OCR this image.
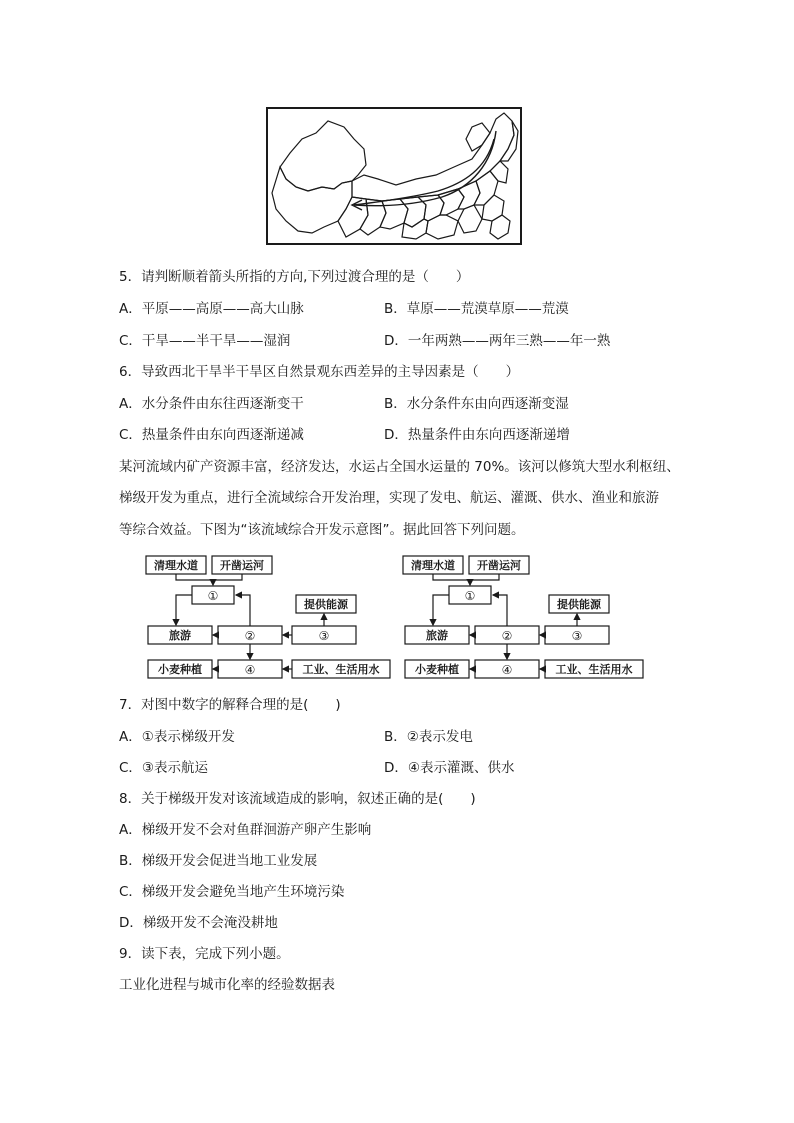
5．请判断顺着箭头所指的方向,下列过渡合理的是（　　）
A．平原——高原——高大山脉	B．草原——荒漠草原——荒漠
C．干旱——半干旱——湿润	D．一年两熟——两年三熟——年一熟
6．导致西北干旱半干旱区自然景观东西差异的主导因素是（　　）
A．水分条件由东往西逐渐变干	B．水分条件东由向西逐渐变湿
C．热量条件由东向西逐渐递减	D．热量条件由东向西逐渐递增
某河流域内矿产资源丰富，经济发达，水运占全国水运量的 70%。该河以修筑大型水利枢纽、
梯级开发为重点，进行全流域综合开发治理，实现了发电、航运、灌溉、供水、渔业和旅游
等综合效益。下图为“该流域综合开发示意图”。据此回答下列问题。
清理水道 开凿运河
①
提供能源
旅游	②	③
小麦种植	④	工业、生活用水
清理水道 开凿运河
①
提供能源
旅游	②	③
小麦种植	④	工业、生活用水
7．对图中数字的解释合理的是(　　)
A．①表示梯级开发	B．②表示发电
C．③表示航运	D．④表示灌溉、供水
8．关于梯级开发对该流域造成的影响，叙述正确的是(　　)
A．梯级开发不会对鱼群洄游产卵产生影响
B．梯级开发会促进当地工业发展
C．梯级开发会避免当地产生环境污染
D．梯级开发不会淹没耕地
9．读下表，完成下列小题。
工业化进程与城市化率的经验数据表
